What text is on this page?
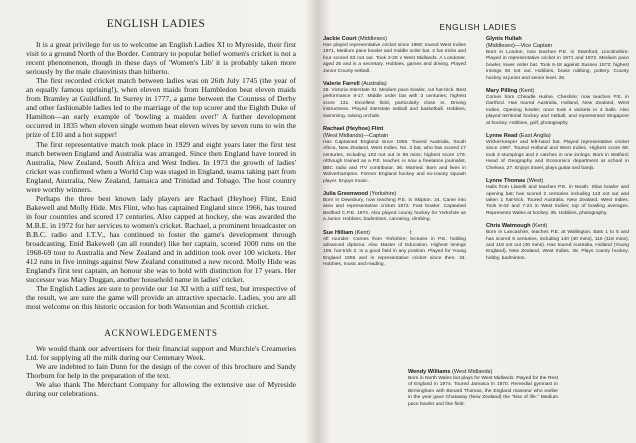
ENGLISH LADIES

It is a great privilege for us to welcome an English Ladies XI to Myreside, their first visit to a ground North of the Border. Contrary to popular belief women's cricket is not a recent phenomenon, though in these days of 'Women's Lib' it is probably taken more seriously by the male chauvinists than hitherto.

The first recorded cricket match between ladies was on 26th July 1745 (the year of an equally famous uprising!), when eleven maids from Hambledon beat eleven maids from Bramley at Guildford. In Surrey in 1777, a game between the Countess of Derby and other fashionable ladies led to the marriage of the top scorer and the Eighth Duke of Hamilton—an early example of 'bowling a maiden over!' A further development occurred in 1835 when eleven single women beat eleven wives by seven runs to win the prize of £10 and a hot supper!

The first representative match took place in 1929 and eight years later the first test match between England and Australia was arranged. Since then England have toured in Australia, New Zealand, South Africa and West Indies. In 1973 the growth of ladies' cricket was confirmed when a World Cup was staged in England, teams taking part from England, Australia, New Zealand, Jamaica and Trinidad and Tobago. The host country were worthy winners.

Perhaps the three best known lady players are Rachael (Heyhoe) Flint, Enid Bakewell and Molly Hide. Mrs Flint, who has captained England since 1966, has toured in four countries and scored 17 centuries. Also capped at hockey, she was awarded the M.B.E. in 1972 for her services to women's cricket. Rachael, a prominent broadcaster on B.B.C. radio and I.T.V., has continued to foster the game's development through broadcasting. Enid Bakewell (an all rounder) like her captain, scored 1000 runs on the 1968-69 tour to Australia and New Zealand and in addition took over 100 wickets. Her 412 runs in five innings against New Zealand constituted a new record. Molly Hide was England's first test captain, an honour she was to hold with distinction for 17 years. Her successor was Mary Duggan, another household name in ladies' cricket.

The English Ladies are sure to provide our 1st XI with a stiff test, but irrespective of the result, we are sure the game will provide an attractive spectacle. Ladies, you are all most welcome on this historic occasion for both Watsonian and Scottish cricket.

ACKNOWLEDGEMENTS

We would thank our advertisers for their financial support and Murchie's Creameries Ltd. for supplying all the milk during our Centenary Week.

We are indebted to Iain Dunn for the design of the cover of this brochure and Sandy Thorburn for help in the preparation of the text.

We also thank The Merchant Company for allowing the extensive use of Myreside during our celebrations.

ENGLISH LADIES
Jackie Court (Middlesex)
Has played representative cricket since 1969; toured West Indies 1971, Medium pace bowler and middle order bat. 2 fun tricks and four scored 83 not out. Took 2-26 v West Midlands. A Londoner, aged 25 and is a secretary. Hobbies, games and driving. Played Junior County netball.
Valerie Farrell (Australia)
28. Victoria Interstate XI. Medium pace bowler, cut hat-trick. Best performance 8-17. Middle order bat with 3 centuries; highest score 131. Excellent field, particularly close in. Driving instructress. Played interstate netball and basketball. Hobbies, swimming, raising orchids.
Rachael (Heyhoe) Flint
(West Midlands)—Captain
Has Captained England since 1966. Toured Australia, South Africa, New Zealand, West Indies. No. 3 bat, who has scored 17 centuries, including 102 not out in 89 mins; highest score 179. Although trained as a P.E. teacher, is now a freelance journalist, BBC radio and ITV contributor, 36. Married. Born and lives in Wolverhampton. Former England hockey and ex-county squash player. Enjoys music.
Julia Greenwood (Yorkshire)
Born in Dewsbury, now teaching P.E. in Skipton. 24. Came into area and representative cricket 1972. Fast bowler. Captained Bedford C.P.E. 1972. Also played county hockey for Yorkshire as a Junior. Hobbies, badminton, canoeing, climbing.
Sue Hilliam (Kent)	t
All rounder. Comes from Yorkshire; lectures in P.E. holding advanced diploma. Also Master of Education. Highest innings 106, hat-trick 2. Is a good field in any position. Played for Young England 1966 and in representative cricket since then. 34. Hobbies, music and reading.
Glynis Hullah
(Middlesex)—Vice Captain
Born in London, now teaches P.E. in Stamford, Lincolnshire. Played in representative cricket in 1971 and 1972. Medium pace bowler, lower order bat. Took 6-18 against Sussex 1972; highest innings 50 not out. Hobbies, brass rubbing, pottery. County hockey at junior and senior level. 26.
Mary Pilling (Kent)
Comes from Cheadle Hulme, Cheshire; now teaches P.E. in Dartford. Has toured Australia, Holland, New Zealand, West Indies. Opening bowler; once took 4 wickets in 4 balls. Also played territorial hockey and netball, and represented Singapore at hockey. Hobbies, golf, photography.
Lynne Read (East Anglia)
Wicket-keeper and left-hand bat. Played representative cricket since 1967. Toured Holland and West Indies. Highest score 69; took 3 stumpings and 2 catches in one innings. Born in Watford; Head of Geography and Economics department at school in Chelsea. 27. Enjoys travel, plays guitar and banjo.
Lynne Thomas (West)
Hails from Llanelli and teaches P.E. in Neath. Slow bowler and opening bat; has scored 2 centuries including 113 not out and taken 1 hat-trick. Toured Australia, New Zealand, West Indies. Took 6-42 and 7-24 in West Indies; top of bowling averages. Represents Wales at hockey. 35. Hobbies, photography.
Chris Watmough (Kent)
Born in Lancashire, teaches P.E. at Wallington. Bats 1 to 5 and has scored 5 centuries, including 140 (40 mins), 115 (118 mins), and 118 not out (40 mins). Has toured Australia, Holland (Young England), New Zealand, West Indies. 28. Plays county hockey; hobby, badminton.
Wendy Williams (West Midlands)
Born in North Wales but plays for West Midlands. Played for the Rest of England in 1974. Toured Jamaica in 1970. Remedial gymnast in Birmingham with Benard Thomas, the England masseur who earlier in the year gave Chataway (New Zealand) the "kiss of life." Medium pace bowler and fine field.
